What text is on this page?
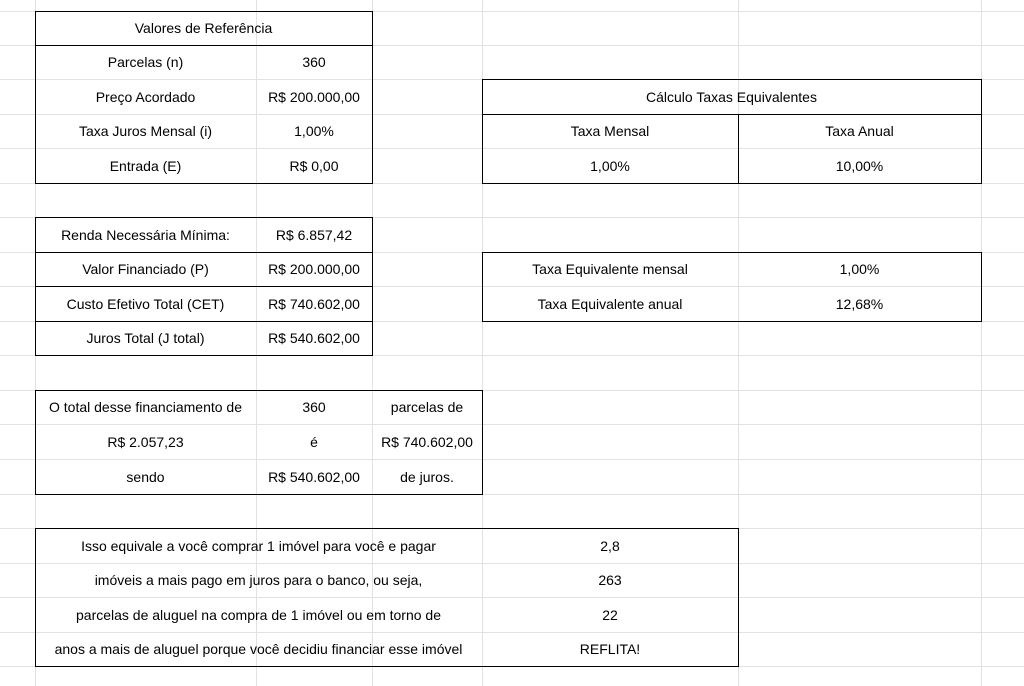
Valores de Referência
Parcelas (n)	360
Preço Acordado	R$ 200.000,00
Taxa Juros Mensal (i)	1,00%
Entrada (E)	R$ 0,00
Cálculo Taxas Equivalentes
Taxa Mensal	Taxa Anual
1,00%	10,00%
Renda Necessária Mínima:	R$ 6.857,42
Valor Financiado (P)	R$ 200.000,00
Custo Efetivo Total (CET)	R$ 740.602,00
Juros Total (J total)	R$ 540.602,00
Taxa Equivalente mensal	1,00%
Taxa Equivalente anual	12,68%
O total desse financiamento de	360	parcelas de
R$ 2.057,23	é	R$ 740.602,00
sendo	R$ 540.602,00	de juros.
Isso equivale a você comprar 1 imóvel para você e pagar	2,8
imóveis a mais pago em juros para o banco, ou seja,	263
parcelas de aluguel na compra de 1 imóvel ou em torno de	22
anos a mais de aluguel porque você decidiu financiar esse imóvel	REFLITA!
